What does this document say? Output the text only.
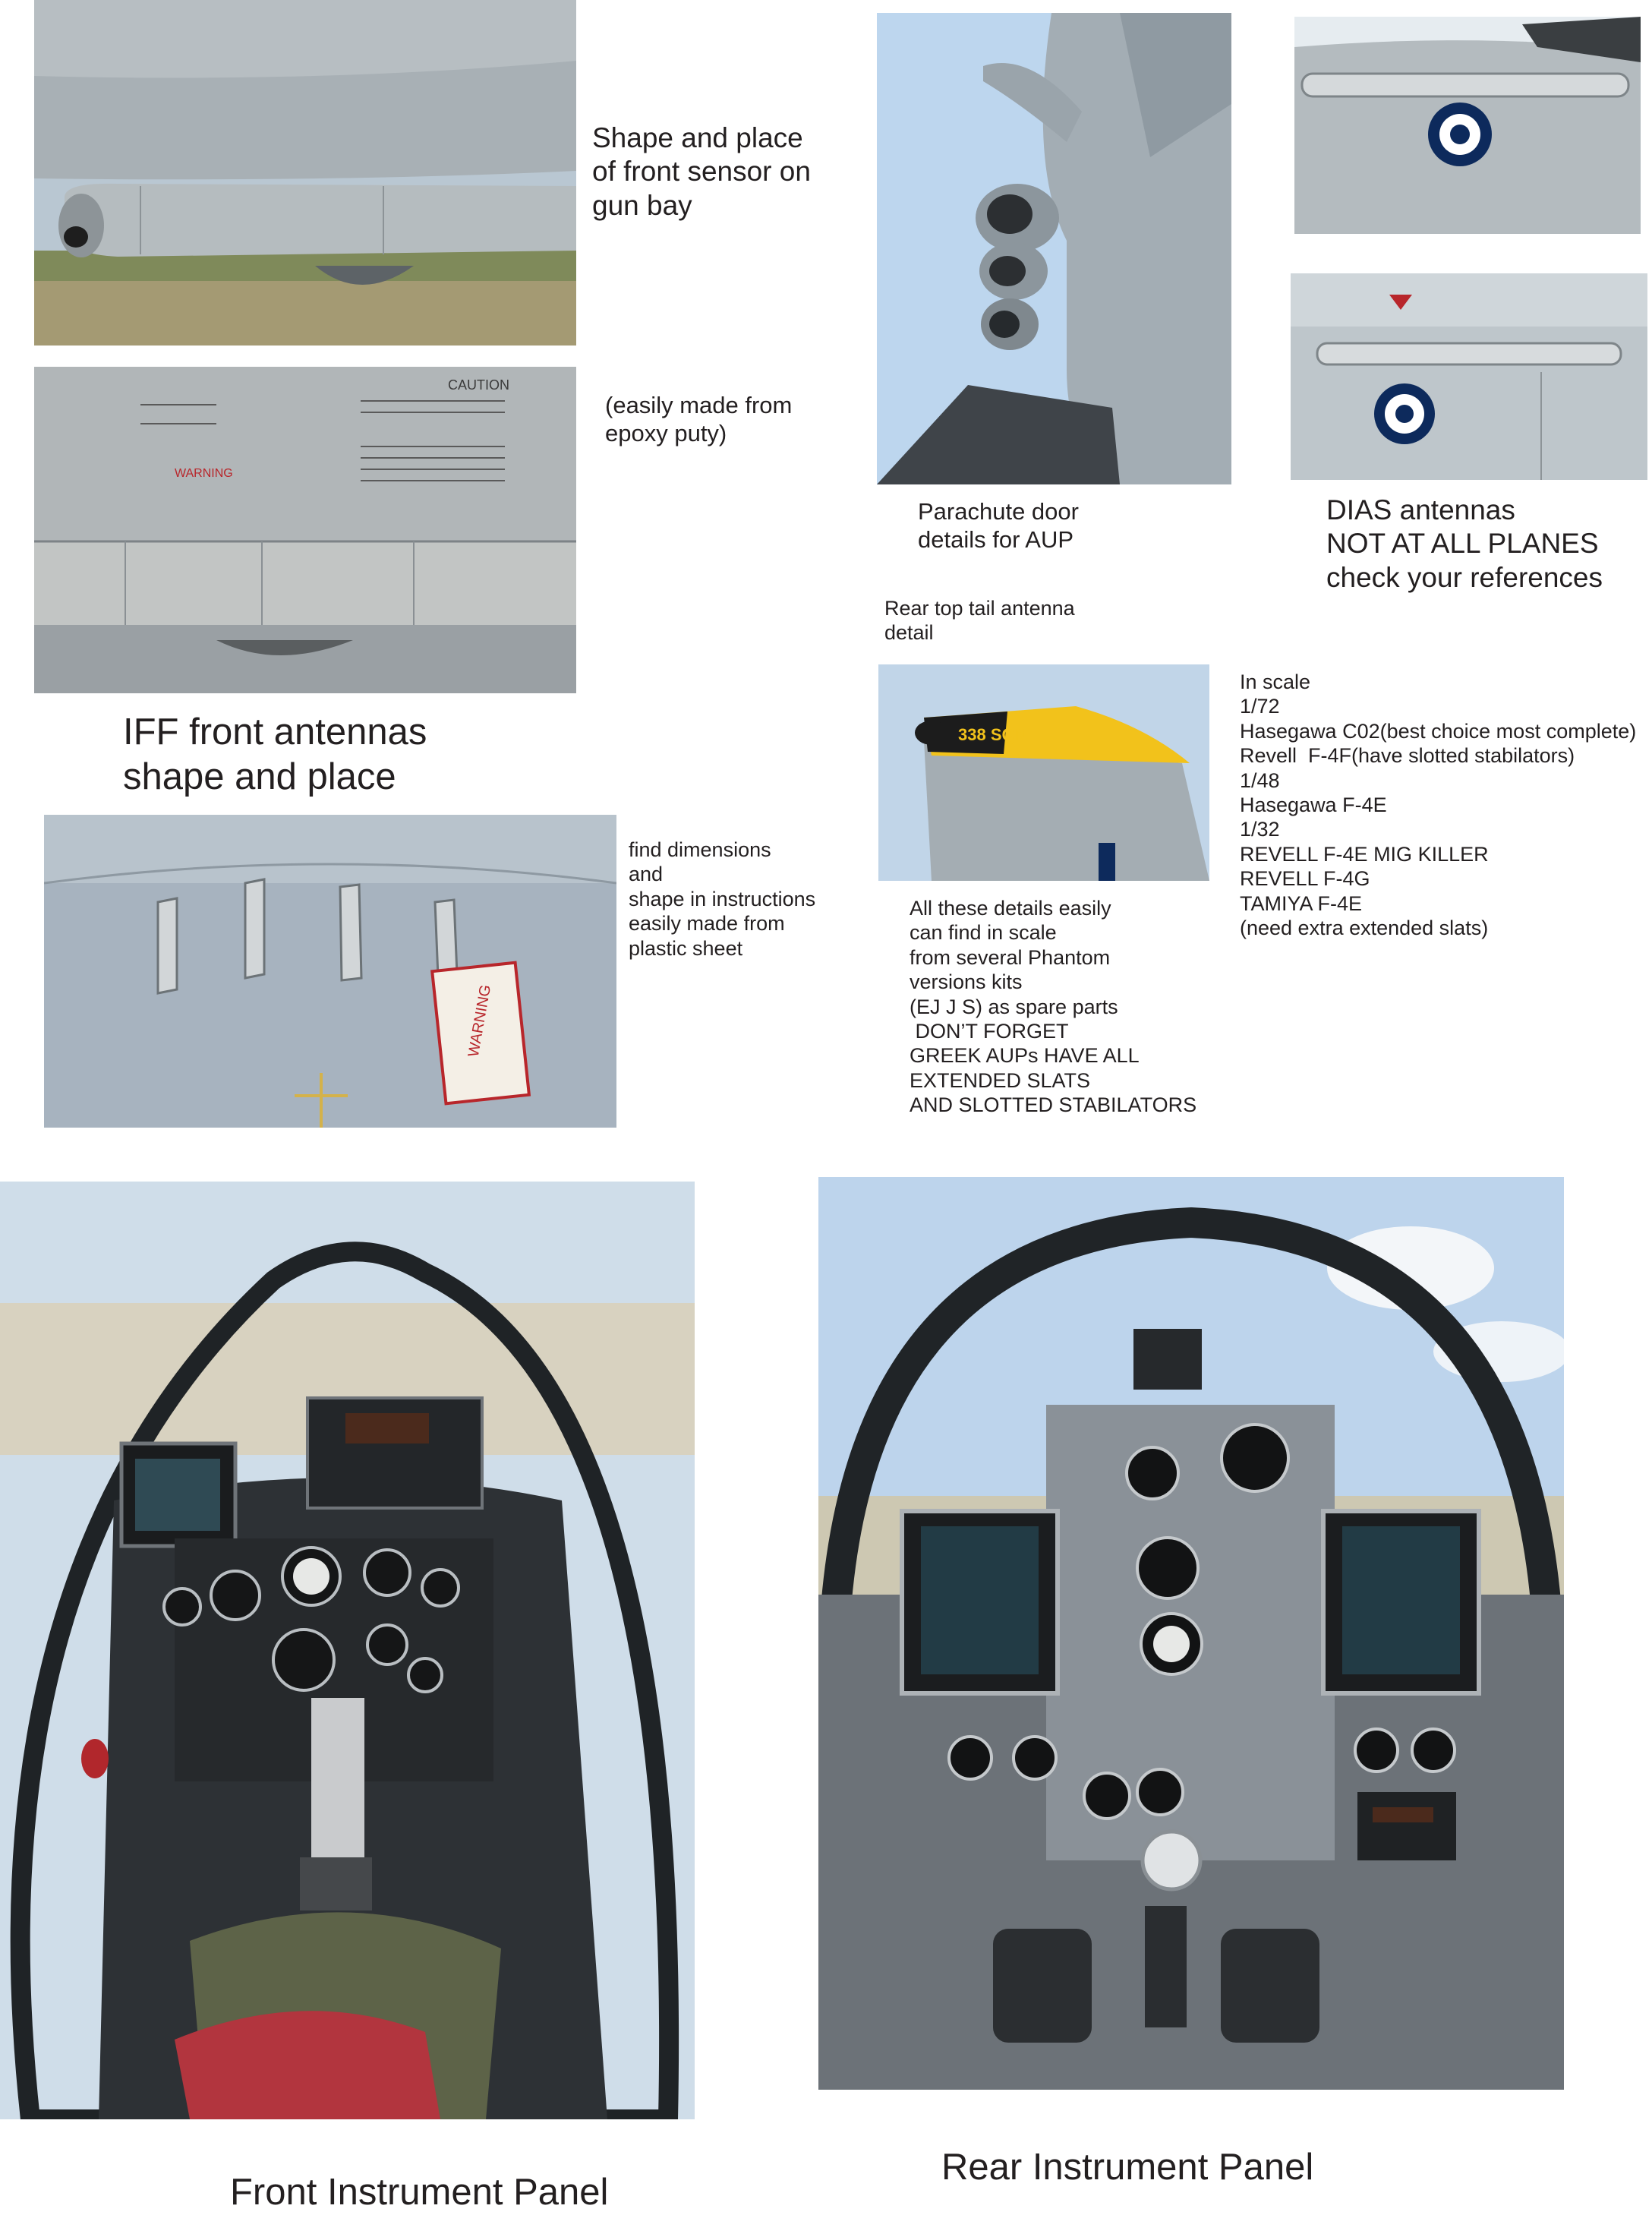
Shape and place
of front sensor on
gun bay
CAUTION
WARNING
(easily made from
epoxy puty)
IFF front antennas
shape and place
WARNING
find dimensions
and
shape in instructions
easily made from
plastic sheet
Parachute door
details for AUP
DIAS antennas
NOT AT ALL PLANES
check your references
Rear top tail antenna
detail
338 SQN
All these details easily
can find in scale
from several Phantom
versions kits
(EJ J S) as spare parts
DON’T FORGET
GREEK AUPs HAVE ALL
EXTENDED SLATS
AND SLOTTED STABILATORS
In scale
1/72
Hasegawa C02(best choice most complete)
Revell  F-4F(have slotted stabilators)
1/48
Hasegawa F-4E
1/32
REVELL F-4E MIG KILLER
REVELL F-4G
TAMIYA F-4E
(need extra extended slats)
Front Instrument Panel
Rear Instrument Panel
